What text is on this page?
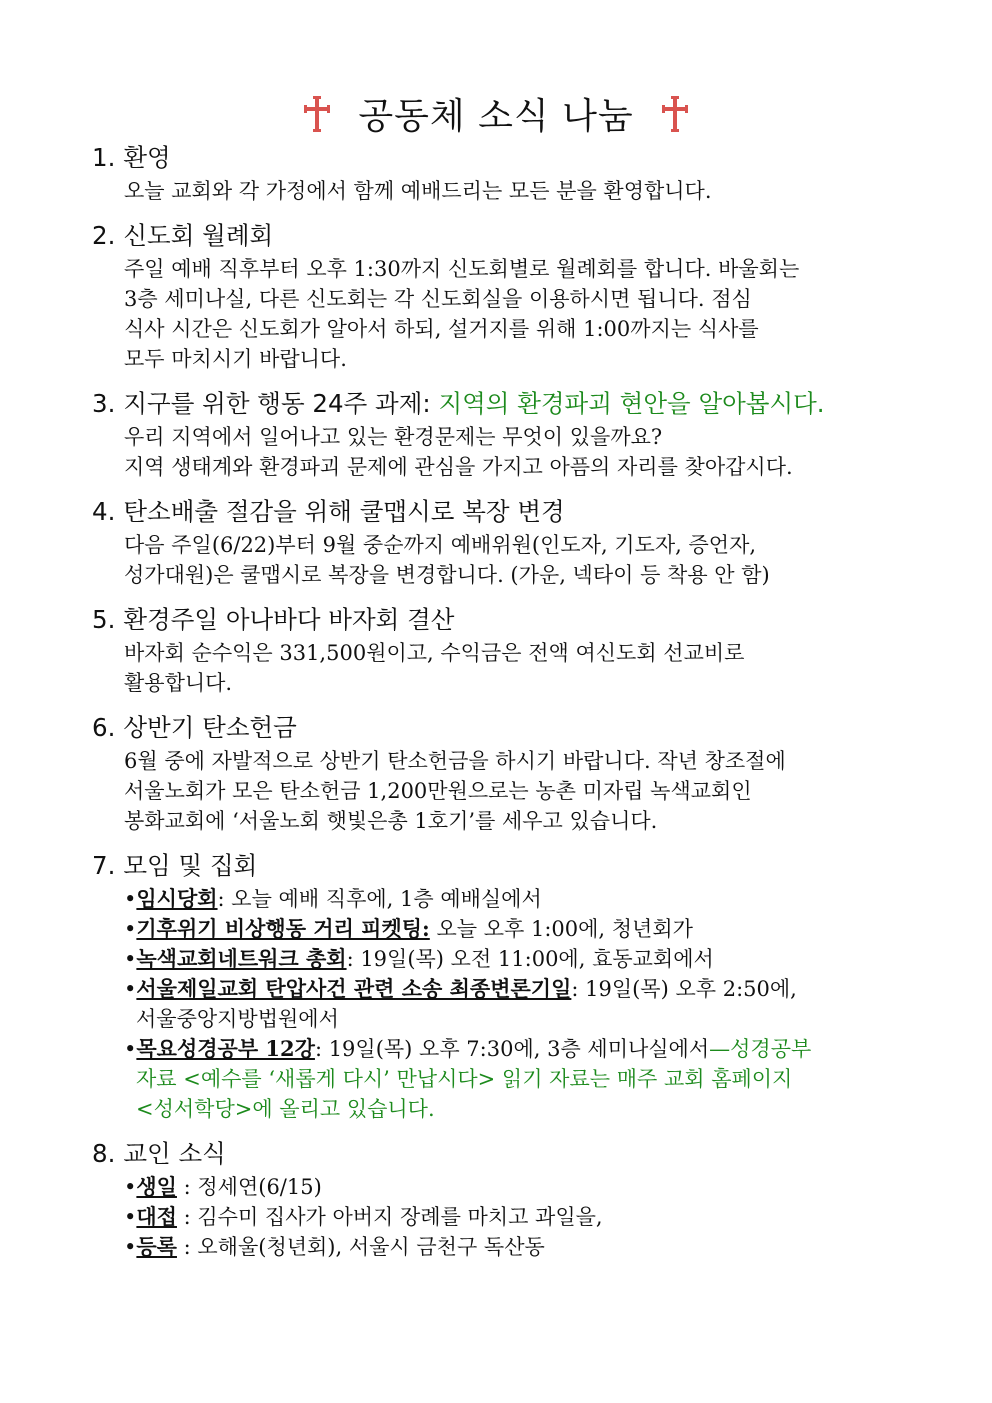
공동체 소식 나눔

1. 환영

오늘 교회와 각 가정에서 함께 예배드리는 모든 분을 환영합니다.

2. 신도회 월례회

주일 예배 직후부터 오후 1:30까지 신도회별로 월례회를 합니다. 바울회는
3층 세미나실, 다른 신도회는 각 신도회실을 이용하시면 됩니다. 점심
식사 시간은 신도회가 알아서 하되, 설거지를 위해 1:00까지는 식사를
모두 마치시기 바랍니다.

3. 지구를 위한 행동 24주 과제: 지역의 환경파괴 현안을 알아봅시다.

우리 지역에서 일어나고 있는 환경문제는 무엇이 있을까요?
지역 생태계와 환경파괴 문제에 관심을 가지고 아픔의 자리를 찾아갑시다.

4. 탄소배출 절감을 위해 쿨맵시로 복장 변경

다음 주일(6/22)부터 9월 중순까지 예배위원(인도자, 기도자, 증언자,
성가대원)은 쿨맵시로 복장을 변경합니다. (가운, 넥타이 등 착용 안 함)

5. 환경주일 아나바다 바자회 결산

바자회 순수익은 331,500원이고, 수익금은 전액 여신도회 선교비로
활용합니다.

6. 상반기 탄소헌금

6월 중에 자발적으로 상반기 탄소헌금을 하시기 바랍니다. 작년 창조절에
서울노회가 모은 탄소헌금 1,200만원으로는 농촌 미자립 녹색교회인
봉화교회에 ‘서울노회 햇빛은총 1호기’를 세우고 있습니다.

7. 모임 및 집회

•임시당회: 오늘 예배 직후에, 1층 예배실에서
•기후위기 비상행동 거리 피켓팅: 오늘 오후 1:00에, 청년회가
•녹색교회네트워크 총회: 19일(목) 오전 11:00에, 효동교회에서
•서울제일교회 탄압사건 관련 소송 최종변론기일: 19일(목) 오후 2:50에,
서울중앙지방법원에서
•목요성경공부 12강: 19일(목) 오후 7:30에, 3층 세미나실에서—성경공부
자료 <예수를 ‘새롭게 다시’ 만납시다> 읽기 자료는 매주 교회 홈페이지
<성서학당>에 올리고 있습니다.

8. 교인 소식

•생일 : 정세연(6/15)
•대접 : 김수미 집사가 아버지 장례를 마치고 과일을,
•등록 : 오해울(청년회), 서울시 금천구 독산동
